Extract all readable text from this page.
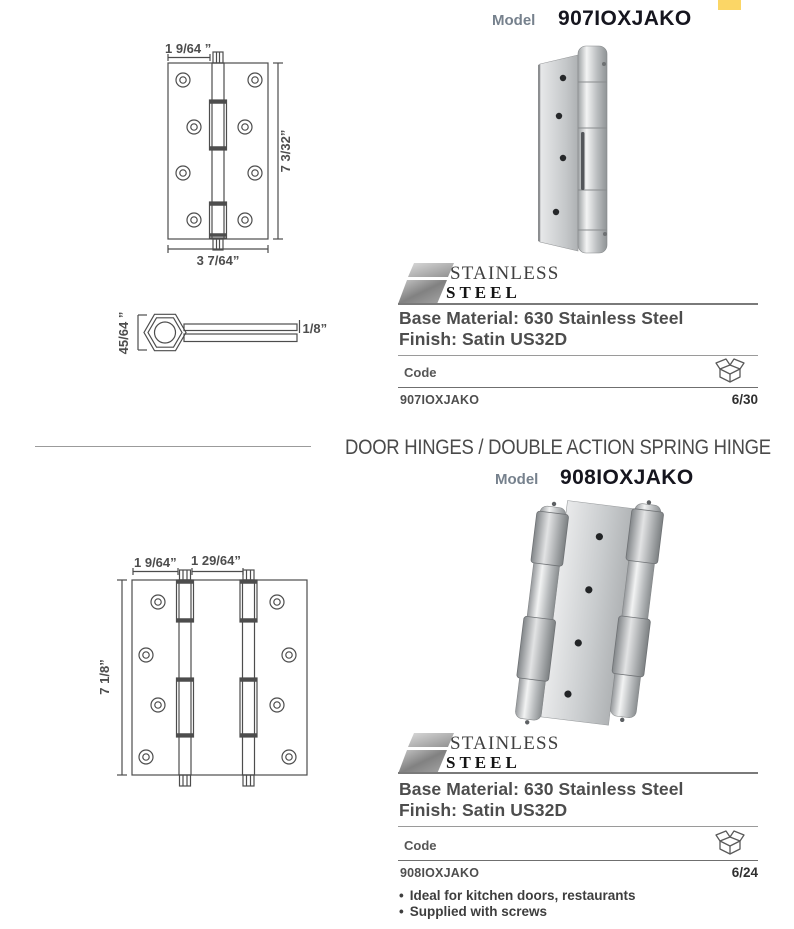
Model 907IOXJAKO
1 9/64 ”
7 3/32”
3 7/64”
45/64 ”	1/8”
STAINLESS
STEEL
Base Material: 630 Stainless Steel
Finish: Satin US32D
Code
907IOXJAKO	6/30
DOOR HINGES / DOUBLE ACTION SPRING HINGE
Model 908IOXJAKO
1 9/64” 1 29/64”
7 1/8”
STAINLESS
STEEL
Base Material: 630 Stainless Steel
Finish: Satin US32D
Code
908IOXJAKO	6/24
• Ideal for kitchen doors, restaurants
• Supplied with screws
